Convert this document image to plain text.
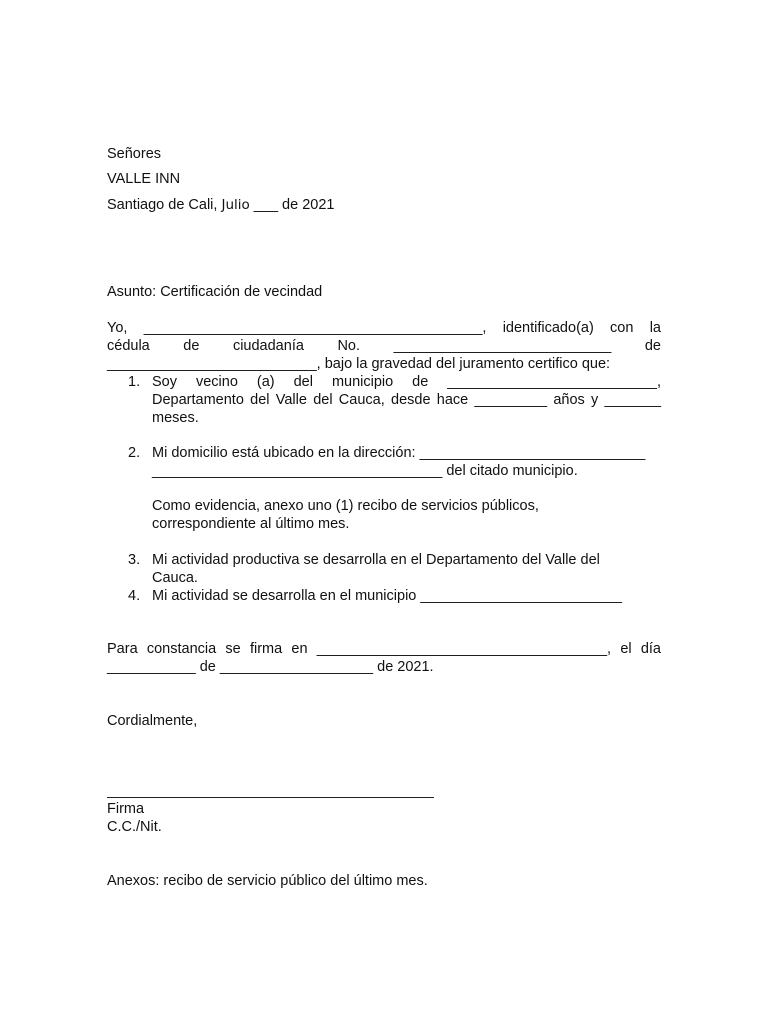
Señores
VALLE INN
Santiago de Cali, Julio ___ de 2021
Asunto: Certificación de vecindad
Yo, __________________________________________, identificado(a) con la
cédula de ciudadanía No. ___________________________ de
__________________________, bajo la gravedad del juramento certifico que:
1. Soy vecino (a) del municipio de __________________________,
Departamento del Valle del Cauca, desde hace _________ años y _______
meses.
2. Mi domicilio está ubicado en la dirección: ____________________________
____________________________________ del citado municipio.
Como evidencia, anexo uno (1) recibo de servicios públicos,
correspondiente al último mes.
3. Mi actividad productiva se desarrolla en el Departamento del Valle del
Cauca.
4. Mi actividad se desarrolla en el municipio _________________________
Para constancia se firma en ____________________________________, el día
___________ de ___________________ de 2021.
Cordialmente,
Firma
C.C./Nit.
Anexos: recibo de servicio público del último mes.
